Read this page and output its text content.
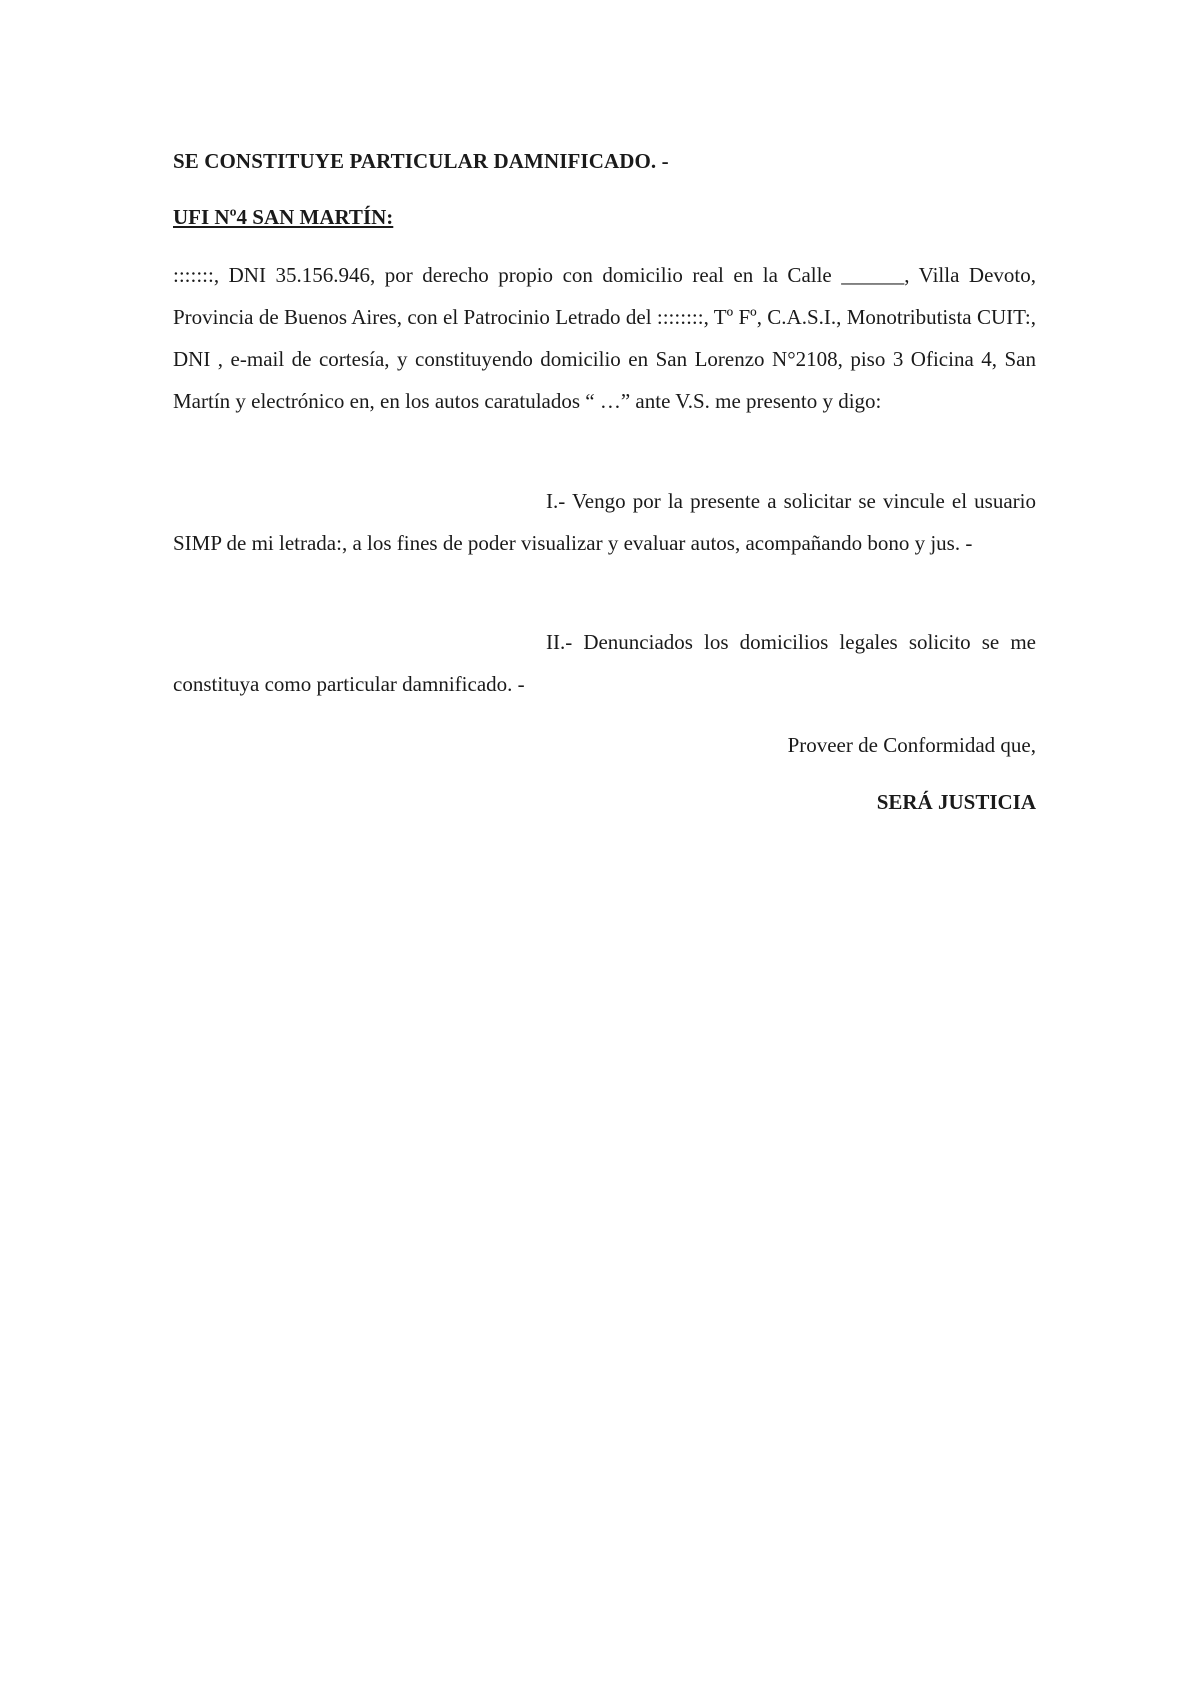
SE CONSTITUYE PARTICULAR DAMNIFICADO. -
UFI Nº4 SAN MARTÍN:
:::::::, DNI 35.156.946, por derecho propio con domicilio real en la Calle ______, Villa Devoto, Provincia de Buenos Aires, con el Patrocinio Letrado del ::::::::, Tº Fº, C.A.S.I., Monotributista CUIT:, DNI , e-mail de cortesía, y constituyendo domicilio en San Lorenzo N°2108, piso 3 Oficina 4, San Martín y electrónico en, en los autos caratulados “ …” ante V.S. me presento y digo:
I.- Vengo por la presente a solicitar se vincule el usuario SIMP de mi letrada:, a los fines de poder visualizar y evaluar autos, acompañando bono y jus. -
II.- Denunciados los domicilios legales solicito se me constituya como particular damnificado. -
Proveer de Conformidad que,
SERÁ JUSTICIA
